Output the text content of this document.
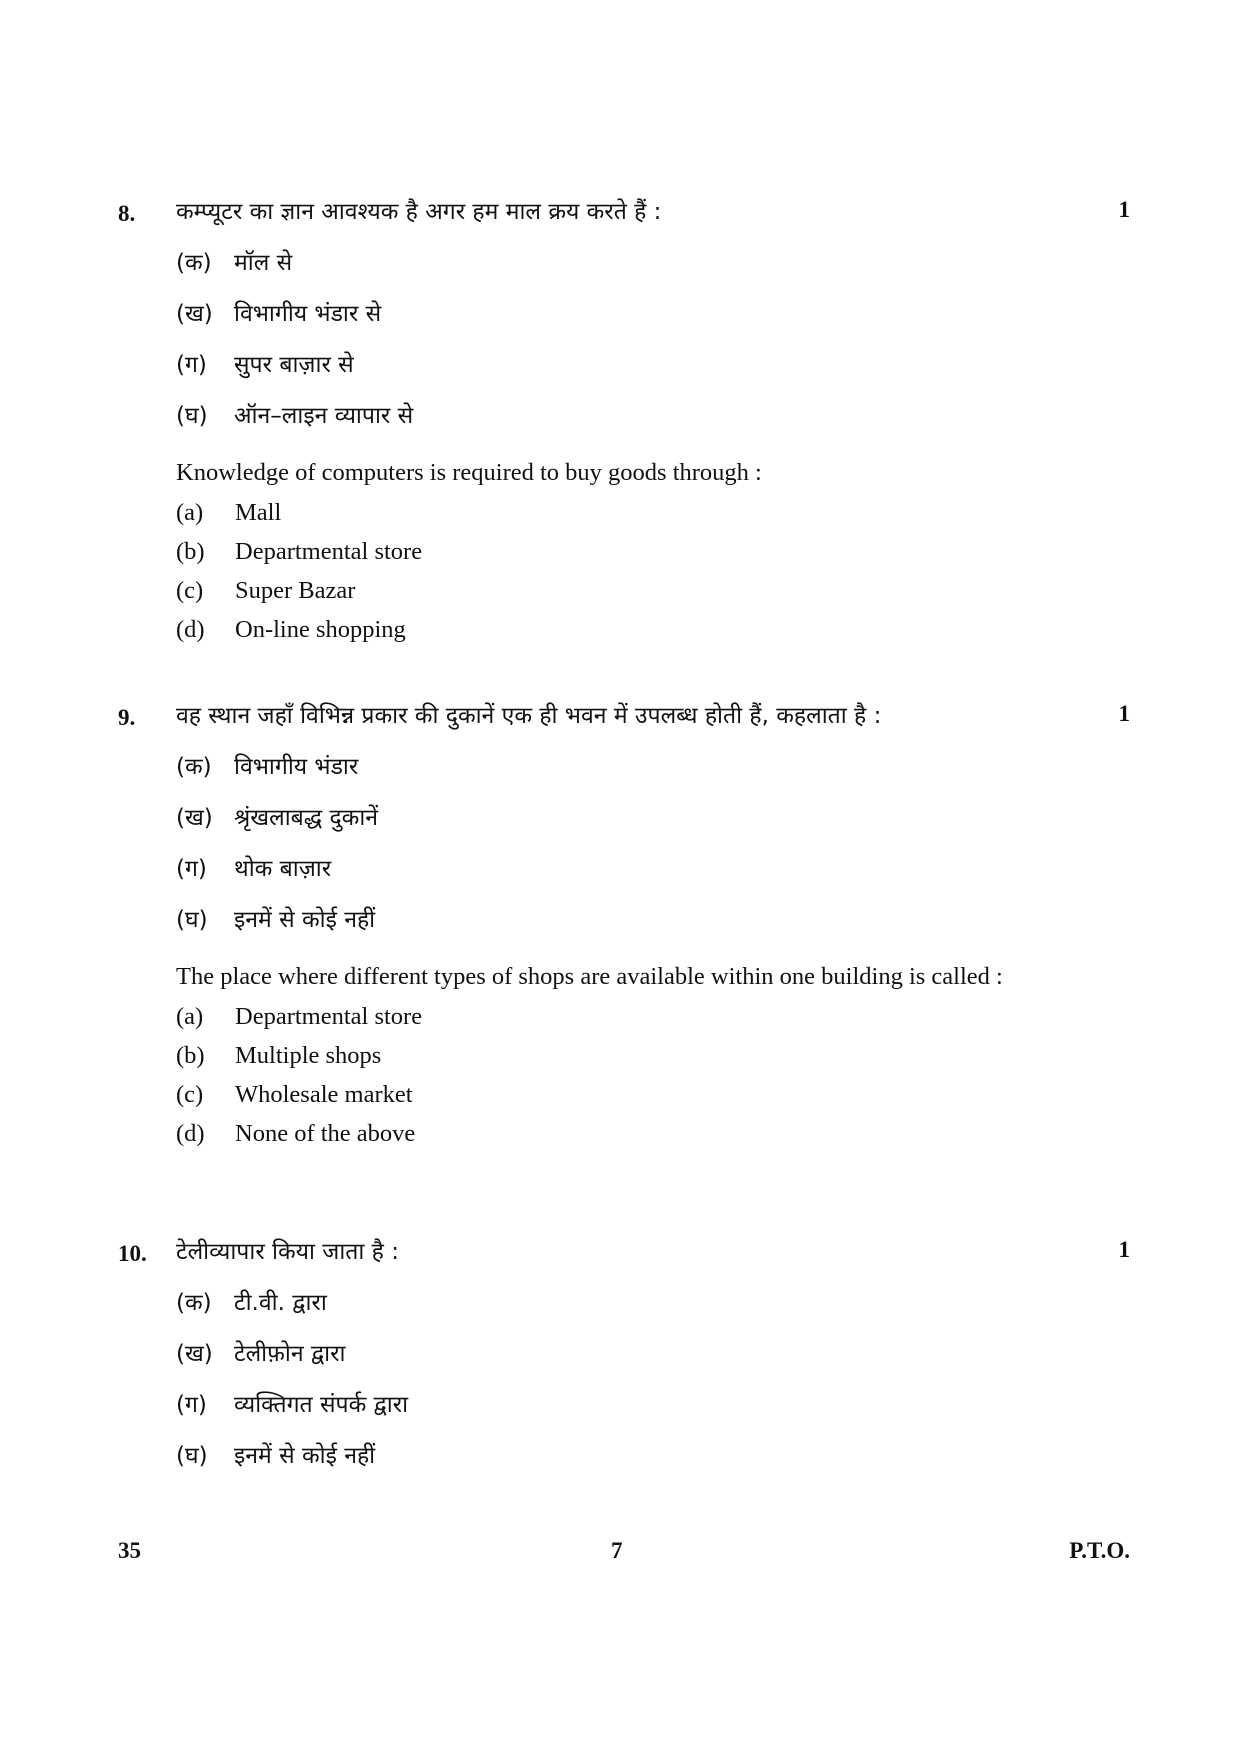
8.	1

कम्प्यूटर का ज्ञान आवश्यक है अगर हम माल क्रय करते हैं :

(क) मॉल से
(ख) विभागीय भंडार से
(ग) सुपर बाज़ार से
(घ) ऑन–लाइन व्यापार से
Knowledge of computers is required to buy goods through :
(a) Mall
(b) Departmental store
(c) Super Bazar
(d) On-line shopping
9.	1

वह स्थान जहाँ विभिन्न प्रकार की दुकानें एक ही भवन में उपलब्ध होती हैं, कहलाता है :

(क) विभागीय भंडार
(ख) श्रृंखलाबद्ध दुकानें
(ग) थोक बाज़ार
(घ) इनमें से कोई नहीं
The place where different types of shops are available within one building is called :
(a) Departmental store
(b) Multiple shops
(c) Wholesale market
(d) None of the above
10.	1

टेलीव्यापार किया जाता है :

(क) टी.वी. द्वारा
(ख) टेलीफ़ोन द्वारा
(ग) व्यक्तिगत संपर्क द्वारा
(घ) इनमें से कोई नहीं
35	7	P.T.O.
